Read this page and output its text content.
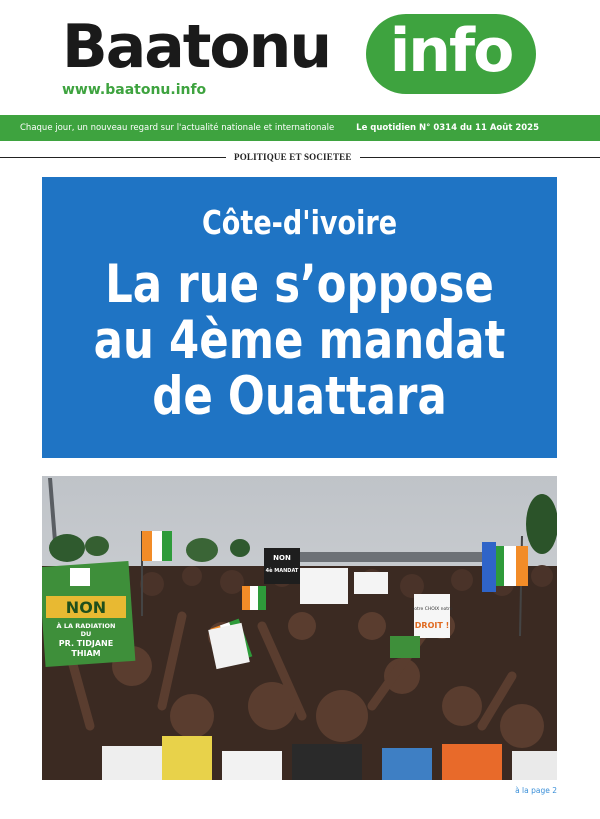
Baatonu info
www.baatonu.info
Chaque jour, un nouveau regard sur l'actualité nationale et internationale	Le quotidien N° 0314 du 11 Août 2025
POLITIQUE ET SOCIETEE
Côte-d'ivoire
La rue s’oppose au 4ème mandat de Ouattara
NON
À LA RADIATION
DU
PR. TIDJANE
THIAM
NON
4è MANDAT
notre CHOIX notre
DROIT !
à la page 2
